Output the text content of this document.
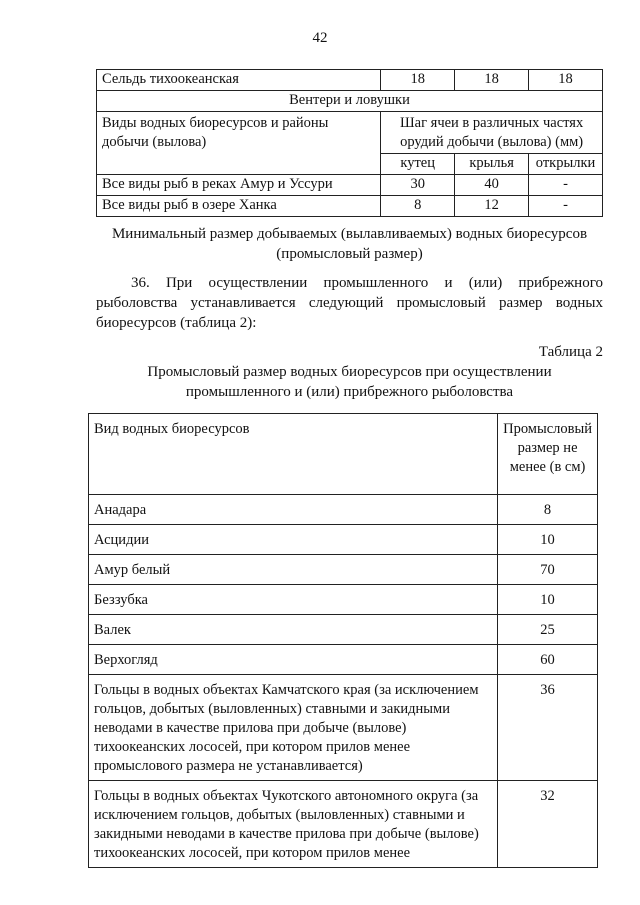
42
Сельдь тихоокеанская	18	18	18
Вентери и ловушки			
Виды водных биоресурсов и районы добычи (вылова)	Шаг ячеи в различных частях орудий добычи (вылова) (мм)		
	кутец	крылья	открылки
Все виды рыб в реках Амур и Уссури	30	40	-
Все виды рыб в озере Ханка	8	12	-
Минимальный размер добываемых (вылавливаемых) водных биоресурсов (промысловый размер)
36. При осуществлении промышленного и (или) прибрежного рыболовства устанавливается следующий промысловый размер водных биоресурсов (таблица 2):
Таблица 2
Промысловый размер водных биоресурсов при осуществлении промышленного и (или) прибрежного рыболовства
Вид водных биоресурсов	Промысловый размер не менее (в см)
Анадара	8
Асцидии	10
Амур белый	70
Беззубка	10
Валек	25
Верхогляд	60
Гольцы в водных объектах Камчатского края (за исключением гольцов, добытых (выловленных) ставными и закидными неводами в качестве прилова при добыче (вылове) тихоокеанских лососей, при котором прилов менее промыслового размера не устанавливается)	36
Гольцы в водных объектах Чукотского автономного округа (за исключением гольцов, добытых (выловленных) ставными и закидными неводами в качестве прилова при добыче (вылове) тихоокеанских лососей, при котором прилов менее	32
